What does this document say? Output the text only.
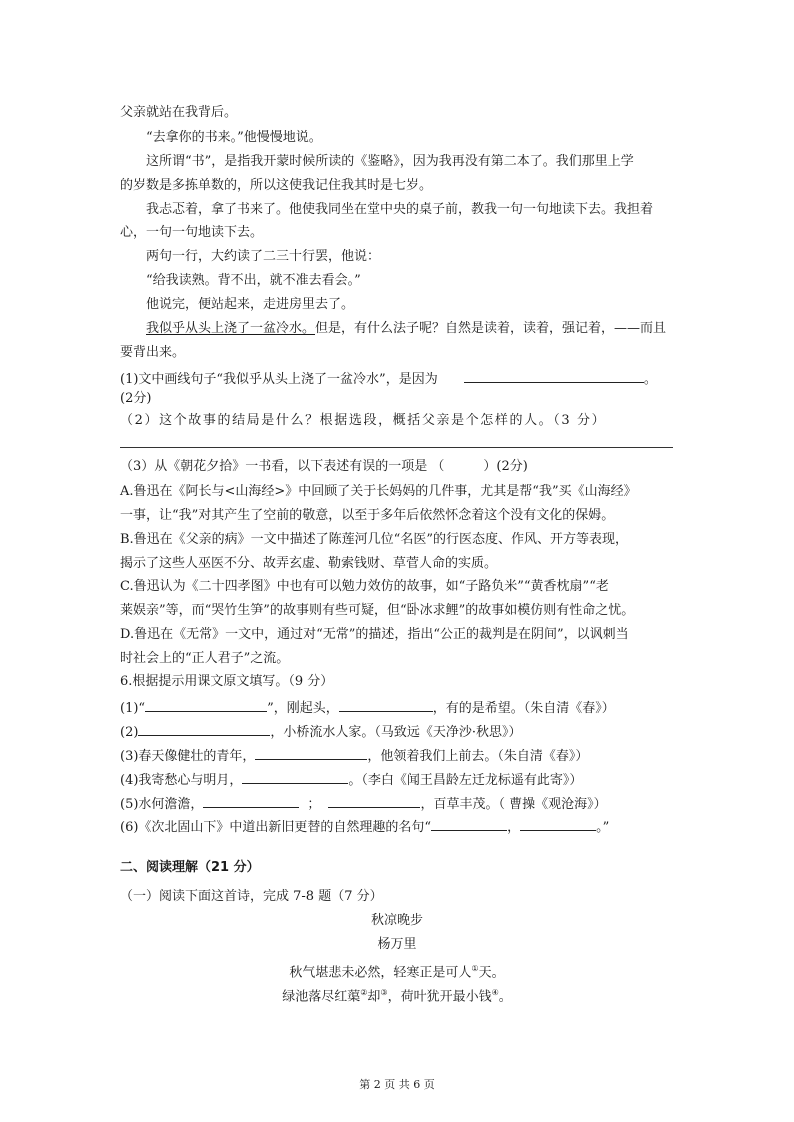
父亲就站在我背后。
“去拿你的书来。”他慢慢地说。
这所谓“书”，是指我开蒙时候所读的《鉴略》，因为我再没有第二本了。我们那里上学
的岁数是多拣单数的，所以这使我记住我其时是七岁。
我忐忑着，拿了书来了。他使我同坐在堂中央的桌子前，教我一句一句地读下去。我担着
心，一句一句地读下去。
两句一行，大约读了二三十行罢，他说：
“给我读熟。背不出，就不准去看会。”
他说完，便站起来，走进房里去了。
我似乎从头上浇了一盆冷水。但是，有什么法子呢？自然是读着，读着，强记着，——而且
要背出来。
(1)文中画线句子“我似乎从头上浇了一盆冷水”，是因为	。
(2分)
（2）这个故事的结局是什么？根据选段，概括父亲是个怎样的人。（3 分）
（3）从《朝花夕拾》一书看，以下表述有误的一项是 （　　　）(2分)
A.鲁迅在《阿长与<山海经>》中回顾了关于长妈妈的几件事，尤其是帮“我”买《山海经》
一事，让“我”对其产生了空前的敬意，以至于多年后依然怀念着这个没有文化的保姆。
B.鲁迅在《父亲的病》一文中描述了陈莲河几位“名医”的行医态度、作风、开方等表现，
揭示了这些人巫医不分、故弄玄虚、勒索钱财、草菅人命的实质。
C.鲁迅认为《二十四孝图》中也有可以勉力效仿的故事，如“子路负米”“黄香枕扇”“老
莱娱亲”等，而“哭竹生笋”的故事则有些可疑，但“卧冰求鲤”的故事如模仿则有性命之忧。
D.鲁迅在《无常》一文中，通过对“无常”的描述，指出“公正的裁判是在阴间”，以讽刺当
时社会上的“正人君子”之流。
6.根据提示用课文原文填写。（9 分）
(1)“	”，刚起头，	，有的是希望。（朱自清《春》）
(2)	，小桥流水人家。（马致远《天净沙·秋思》）
(3)春天像健壮的青年，	，他领着我们上前去。（朱自清《春》）
(4)我寄愁心与明月，	。（李白《闻王昌龄左迁龙标遥有此寄》）
(5)水何澹澹，	；	，百草丰茂。（ 曹操《观沧海》）
(6)《次北固山下》中道出新旧更替的自然理趣的名句“	，	。”
二、阅读理解（21 分）
（一）阅读下面这首诗，完成 7-8 题（7 分）
秋凉晚步
杨万里
秋气堪悲未必然，轻寒正是可人①天。
绿池落尽红蕖②却③，荷叶犹开最小钱④。
第 2 页 共 6 页
